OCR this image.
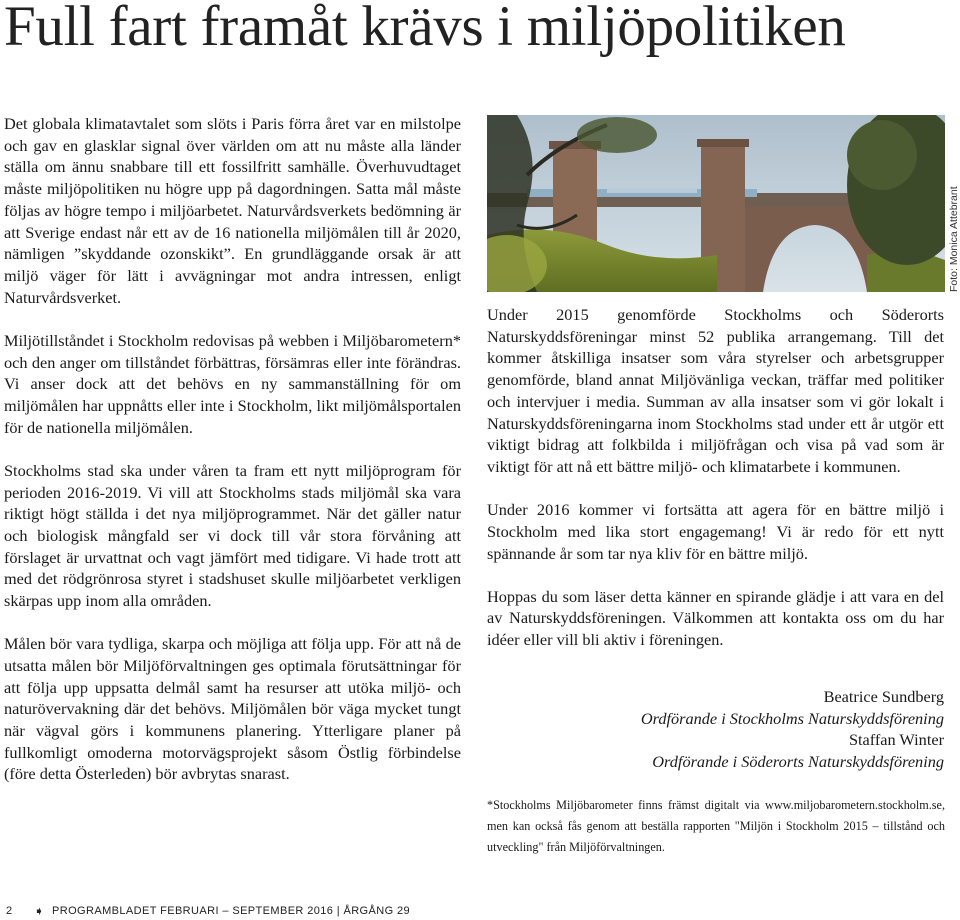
Full fart framåt krävs i miljöpolitiken

Det globala klimatavtalet som slöts i Paris förra året var en milstolpe och gav en glasklar signal över världen om att nu måste alla länder ställa om ännu snabbare till ett fossilfritt samhälle. Överhuvudtaget måste miljöpolitiken nu högre upp på dagordningen. Satta mål måste följas av högre tempo i miljöarbetet. Naturvårdsverkets bedömning är att Sverige endast når ett av de 16 nationella miljömålen till år 2020, nämligen ”skyddande ozonskikt”. En grundläggande orsak är att miljö väger för lätt i avvägningar mot andra intressen, enligt Naturvårdsverket.

Miljötillståndet i Stockholm redovisas på webben i Miljöbarometern* och den anger om tillståndet förbättras, försämras eller inte förändras. Vi anser dock att det behövs en ny sammanställning för om miljömålen har uppnåtts eller inte i Stockholm, likt miljömålsportalen för de nationella miljömålen.

Stockholms stad ska under våren ta fram ett nytt miljöprogram för perioden 2016-2019. Vi vill att Stockholms stads miljömål ska vara riktigt högt ställda i det nya miljöprogrammet. När det gäller natur och biologisk mångfald ser vi dock till vår stora förvåning att förslaget är urvattnat och vagt jämfört med tidigare. Vi hade trott att med det rödgrönrosa styret i stadshuset skulle miljöarbetet verkligen skärpas upp inom alla områden.

Målen bör vara tydliga, skarpa och möjliga att följa upp. För att nå de utsatta målen bör Miljöförvaltningen ges optimala förutsättningar för att följa upp uppsatta delmål samt ha resurser att utöka miljö- och naturövervakning där det behövs. Miljömålen bör väga mycket tungt när vägval görs i kommunens planering. Ytterligare planer på fullkomligt omoderna motorvägsprojekt såsom Östlig förbindelse (före detta Österleden) bör avbrytas snarast.

Foto: Monica Attebrant

Under 2015 genomförde Stockholms och Söderorts Naturskyddsföreningar minst 52 publika arrangemang. Till det kommer åtskilliga insatser som våra styrelser och arbetsgrupper genomförde, bland annat Miljövänliga veckan, träffar med politiker och intervjuer i media. Summan av alla insatser som vi gör lokalt i Naturskyddsföreningarna inom Stockholms stad under ett år utgör ett viktigt bidrag att folkbilda i miljöfrågan och visa på vad som är viktigt för att nå ett bättre miljö- och klimatarbete i kommunen.

Under 2016 kommer vi fortsätta att agera för en bättre miljö i Stockholm med lika stort engagemang! Vi är redo för ett nytt spännande år som tar nya kliv för en bättre miljö.

Hoppas du som läser detta känner en spirande glädje i att vara en del av Naturskyddsföreningen. Välkommen att kontakta oss om du har idéer eller vill bli aktiv i föreningen.

Beatrice Sundberg
Ordförande i Stockholms Naturskyddsförening
Staffan Winter
Ordförande i Söderorts Naturskyddsförening
*Stockholms Miljöbarometer finns främst digitalt via www.miljobarometern.stockholm.se, men kan också fås genom att beställa rapporten "Miljön i Stockholm 2015 – tillstånd och utveckling" från Miljöförvaltningen.
2 ➧ PROGRAMBLADET FEBRUARI – SEPTEMBER 2016 | ÅRGÅNG 29
